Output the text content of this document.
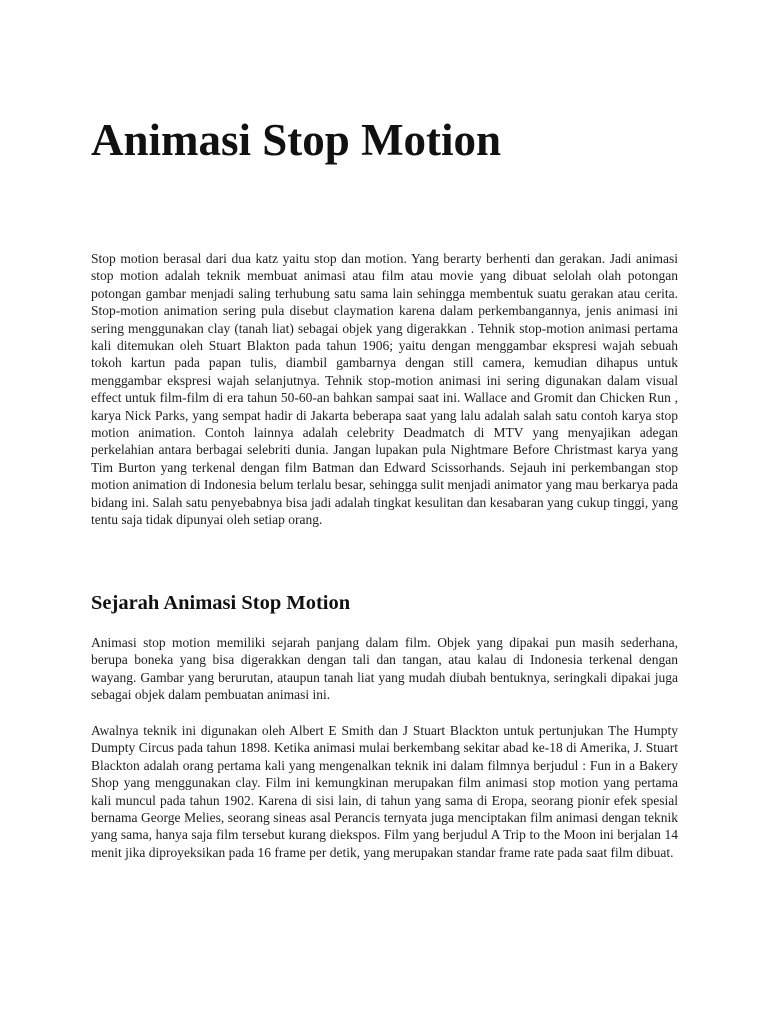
Animasi Stop Motion

Stop motion berasal dari dua katz yaitu stop dan motion. Yang berarty berhenti dan gerakan. Jadi animasi stop motion adalah teknik membuat animasi atau film atau movie yang dibuat selolah olah potongan potongan gambar menjadi saling terhubung satu sama lain sehingga membentuk suatu gerakan atau cerita. Stop-motion animation sering pula disebut claymation karena dalam perkembangannya, jenis animasi ini sering menggunakan clay (tanah liat) sebagai objek yang digerakkan . Tehnik stop-motion animasi pertama kali ditemukan oleh Stuart Blakton pada tahun 1906; yaitu dengan menggambar ekspresi wajah sebuah tokoh kartun pada papan tulis, diambil gambarnya dengan still camera, kemudian dihapus untuk menggambar ekspresi wajah selanjutnya. Tehnik stop-motion animasi ini sering digunakan dalam visual effect untuk film-film di era tahun 50-60-an bahkan sampai saat ini. Wallace and Gromit dan Chicken Run , karya Nick Parks, yang sempat hadir di Jakarta beberapa saat yang lalu adalah salah satu contoh karya stop motion animation. Contoh lainnya adalah celebrity Deadmatch di MTV yang menyajikan adegan perkelahian antara berbagai selebriti dunia. Jangan lupakan pula Nightmare Before Christmast karya yang Tim Burton yang terkenal dengan film Batman dan Edward Scissorhands. Sejauh ini perkembangan stop motion animation di Indonesia belum terlalu besar, sehingga sulit menjadi animator yang mau berkarya pada bidang ini. Salah satu penyebabnya bisa jadi adalah tingkat kesulitan dan kesabaran yang cukup tinggi, yang tentu saja tidak dipunyai oleh setiap orang.

Sejarah Animasi Stop Motion

Animasi stop motion memiliki sejarah panjang dalam film. Objek yang dipakai pun masih sederhana, berupa boneka yang bisa digerakkan dengan tali dan tangan, atau kalau di Indonesia terkenal dengan wayang. Gambar yang berurutan, ataupun tanah liat yang mudah diubah bentuknya, seringkali dipakai juga sebagai objek dalam pembuatan animasi ini.

Awalnya teknik ini digunakan oleh Albert E Smith dan J Stuart Blackton untuk pertunjukan The Humpty Dumpty Circus pada tahun 1898. Ketika animasi mulai berkembang sekitar abad ke-18 di Amerika, J. Stuart Blackton adalah orang pertama kali yang mengenalkan teknik ini dalam filmnya berjudul : Fun in a Bakery Shop yang menggunakan clay. Film ini kemungkinan merupakan film animasi stop motion yang pertama kali muncul pada tahun 1902. Karena di sisi lain, di tahun yang sama di Eropa, seorang pionir efek spesial bernama George Melies, seorang sineas asal Perancis ternyata juga menciptakan film animasi dengan teknik yang sama, hanya saja film tersebut kurang diekspos. Film yang berjudul A Trip to the Moon ini berjalan 14 menit jika diproyeksikan pada 16 frame per detik, yang merupakan standar frame rate pada saat film dibuat.
